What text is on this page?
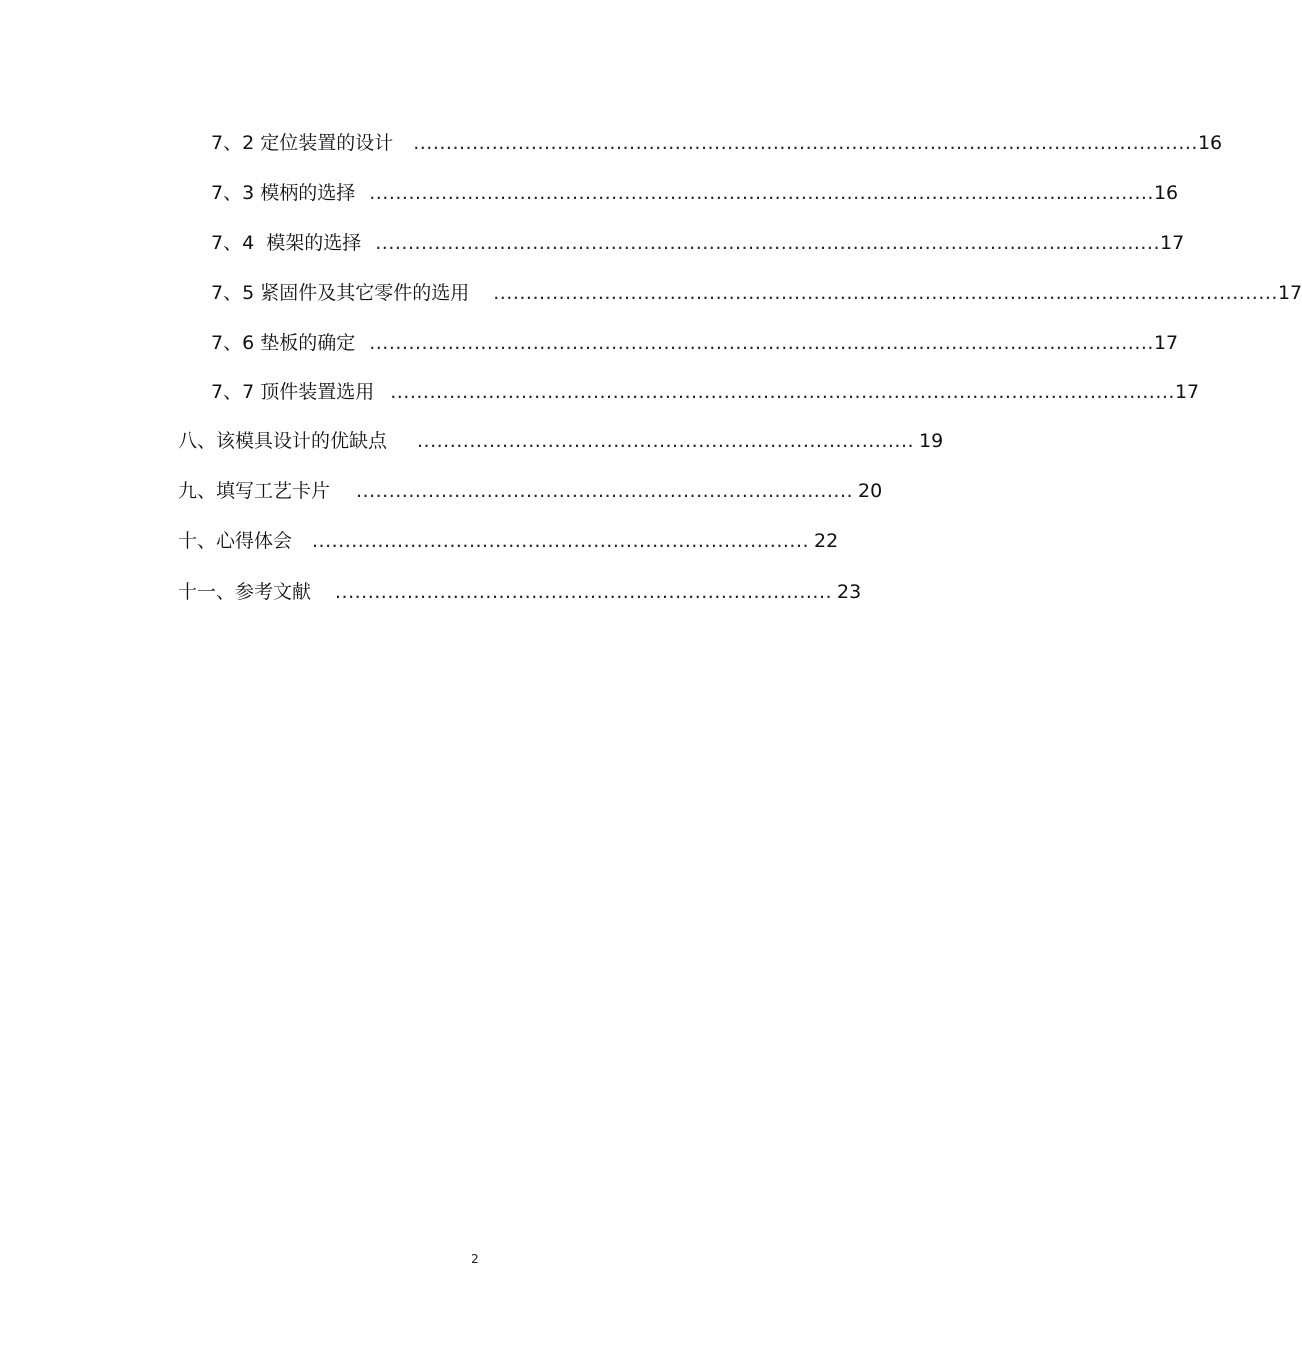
7、2 定位装置的设计 ........................................................................................................................ 16
7、3 模柄的选择 ........................................................................................................................ 16
7、4  模架的选择 ........................................................................................................................ 17
7、5 紧固件及其它零件的选用 ........................................................................................................................ 17
7、6 垫板的确定 ........................................................................................................................ 17
7、7 顶件装置选用 ........................................................................................................................ 17
八、该模具设计的优缺点 ............................................................................ 19
九、填写工艺卡片 ............................................................................ 20
十、心得体会 ............................................................................ 22
十一、参考文献 ............................................................................ 23
2
